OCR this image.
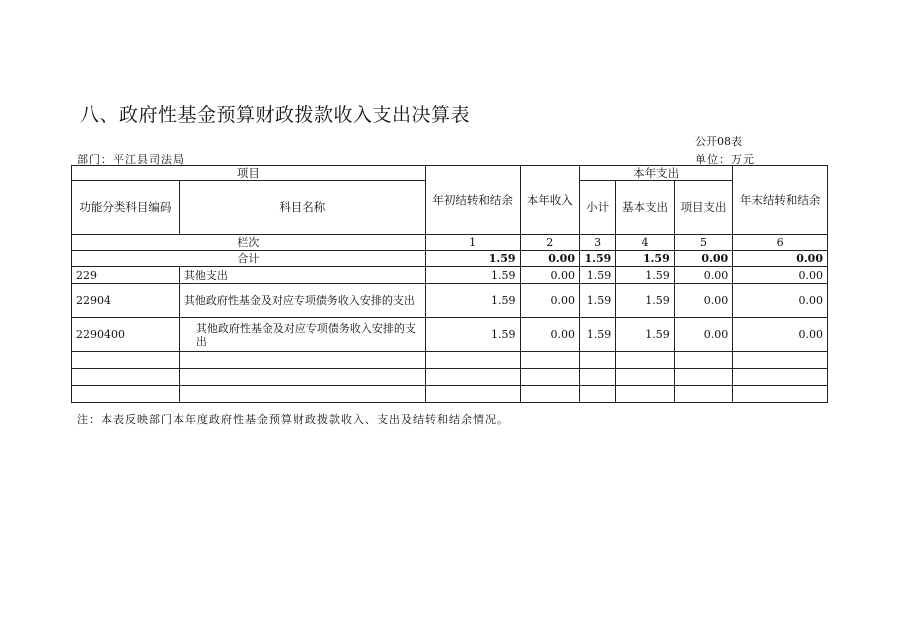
八、政府性基金预算财政拨款收入支出决算表
公开08表
部门：平江县司法局	单位：万元
项目		年初结转和结余	本年收入	本年支出			年末结转和结余
功能分类科目编码	科目名称			小计	基本支出	项目支出	

栏次		1	2	3	4	5	6
合计		1.59	0.00	1.59	1.59	0.00	0.00
229	其他支出	1.59	0.00	1.59	1.59	0.00	0.00
22904	其他政府性基金及对应专项债务收入安排的支出	1.59	0.00	1.59	1.59	0.00	0.00
2290400	其他政府性基金及对应专项债务收入安排的支出	1.59	0.00	1.59	1.59	0.00	0.00

注：本表反映部门本年度政府性基金预算财政拨款收入、支出及结转和结余情况。
